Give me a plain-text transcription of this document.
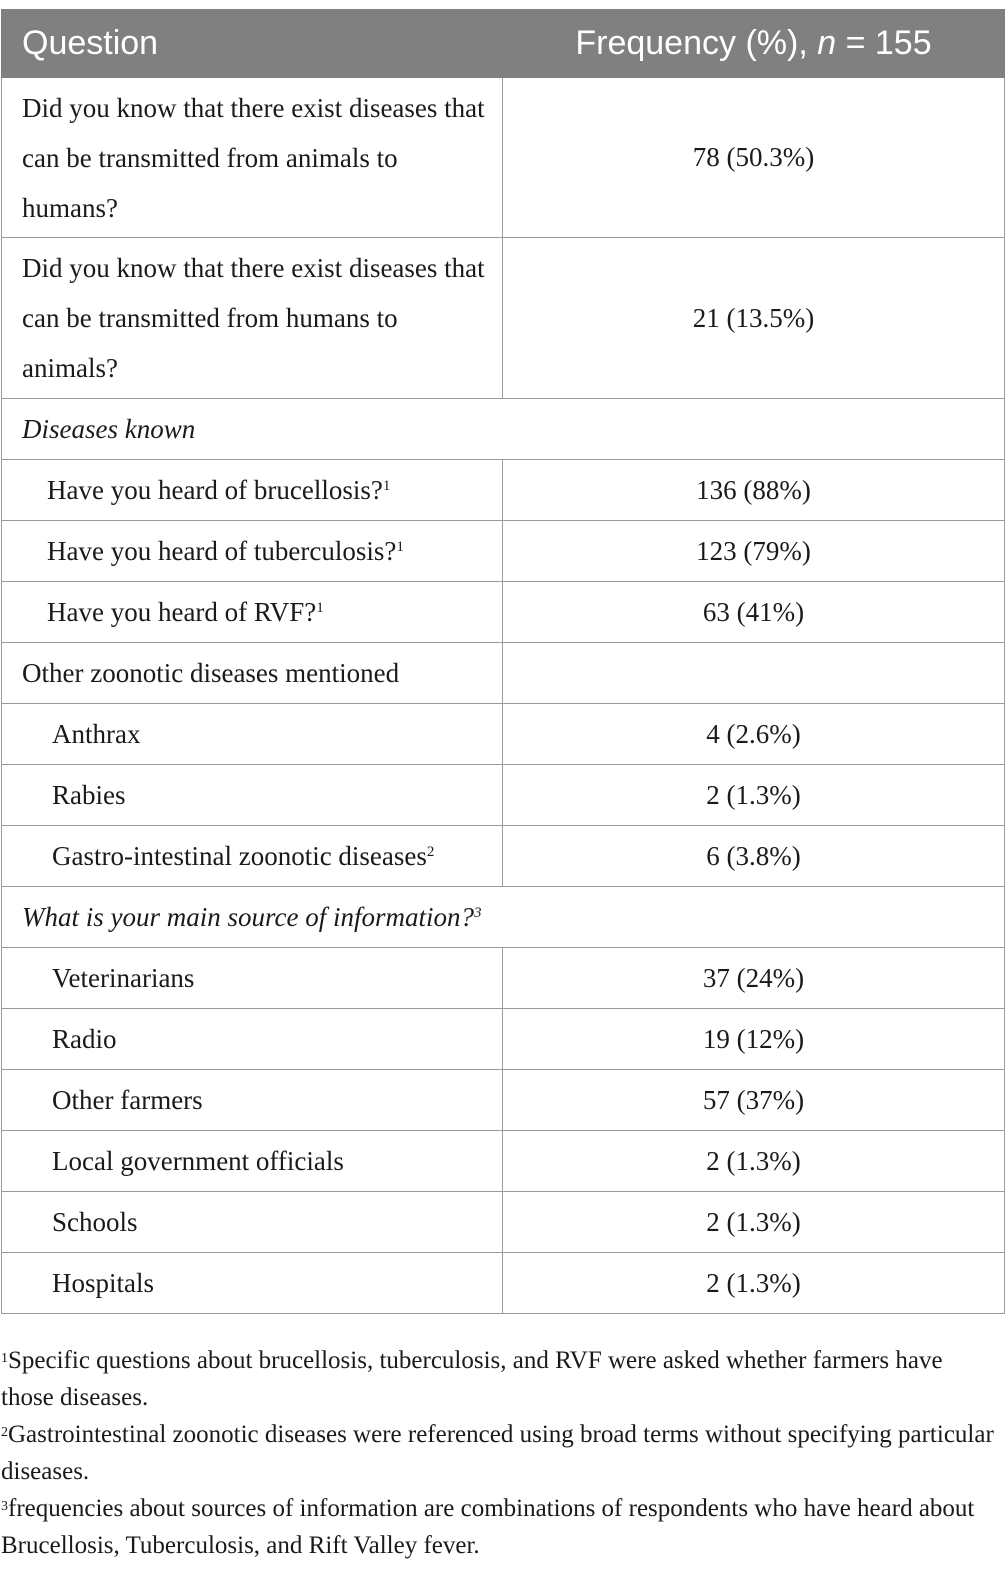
Question	Frequency (%), n = 155
Did you know that there exist diseases that can be transmitted from animals to humans?	78 (50.3%)
Did you know that there exist diseases that can be transmitted from humans to animals?	21 (13.5%)
Diseases known	
Have you heard of brucellosis?$^1$	136 (88%)
Have you heard of tuberculosis?$^1$	123 (79%)
Have you heard of RVF?$^1$	63 (41%)
Other zoonotic diseases mentioned	
Anthrax	4 (2.6%)
Rabies	2 (1.3%)
Gastro-intestinal zoonotic diseases$^2$	6 (3.8%)
What is your main source of information?$^3$
Veterinarians	37 (24%)
Radio	19 (12%)
Other farmers	57 (37%)
Local government officials	2 (1.3%)
Schools	2 (1.3%)
Hospitals	2 (1.3%)

$^1$Specific questions about brucellosis, tuberculosis, and RVF were asked whether farmers have those diseases.

$^2$Gastrointestinal zoonotic diseases were referenced using broad terms without specifying particular diseases.

$^3$frequencies about sources of information are combinations of respondents who have heard about Brucellosis, Tuberculosis, and Rift Valley fever.
